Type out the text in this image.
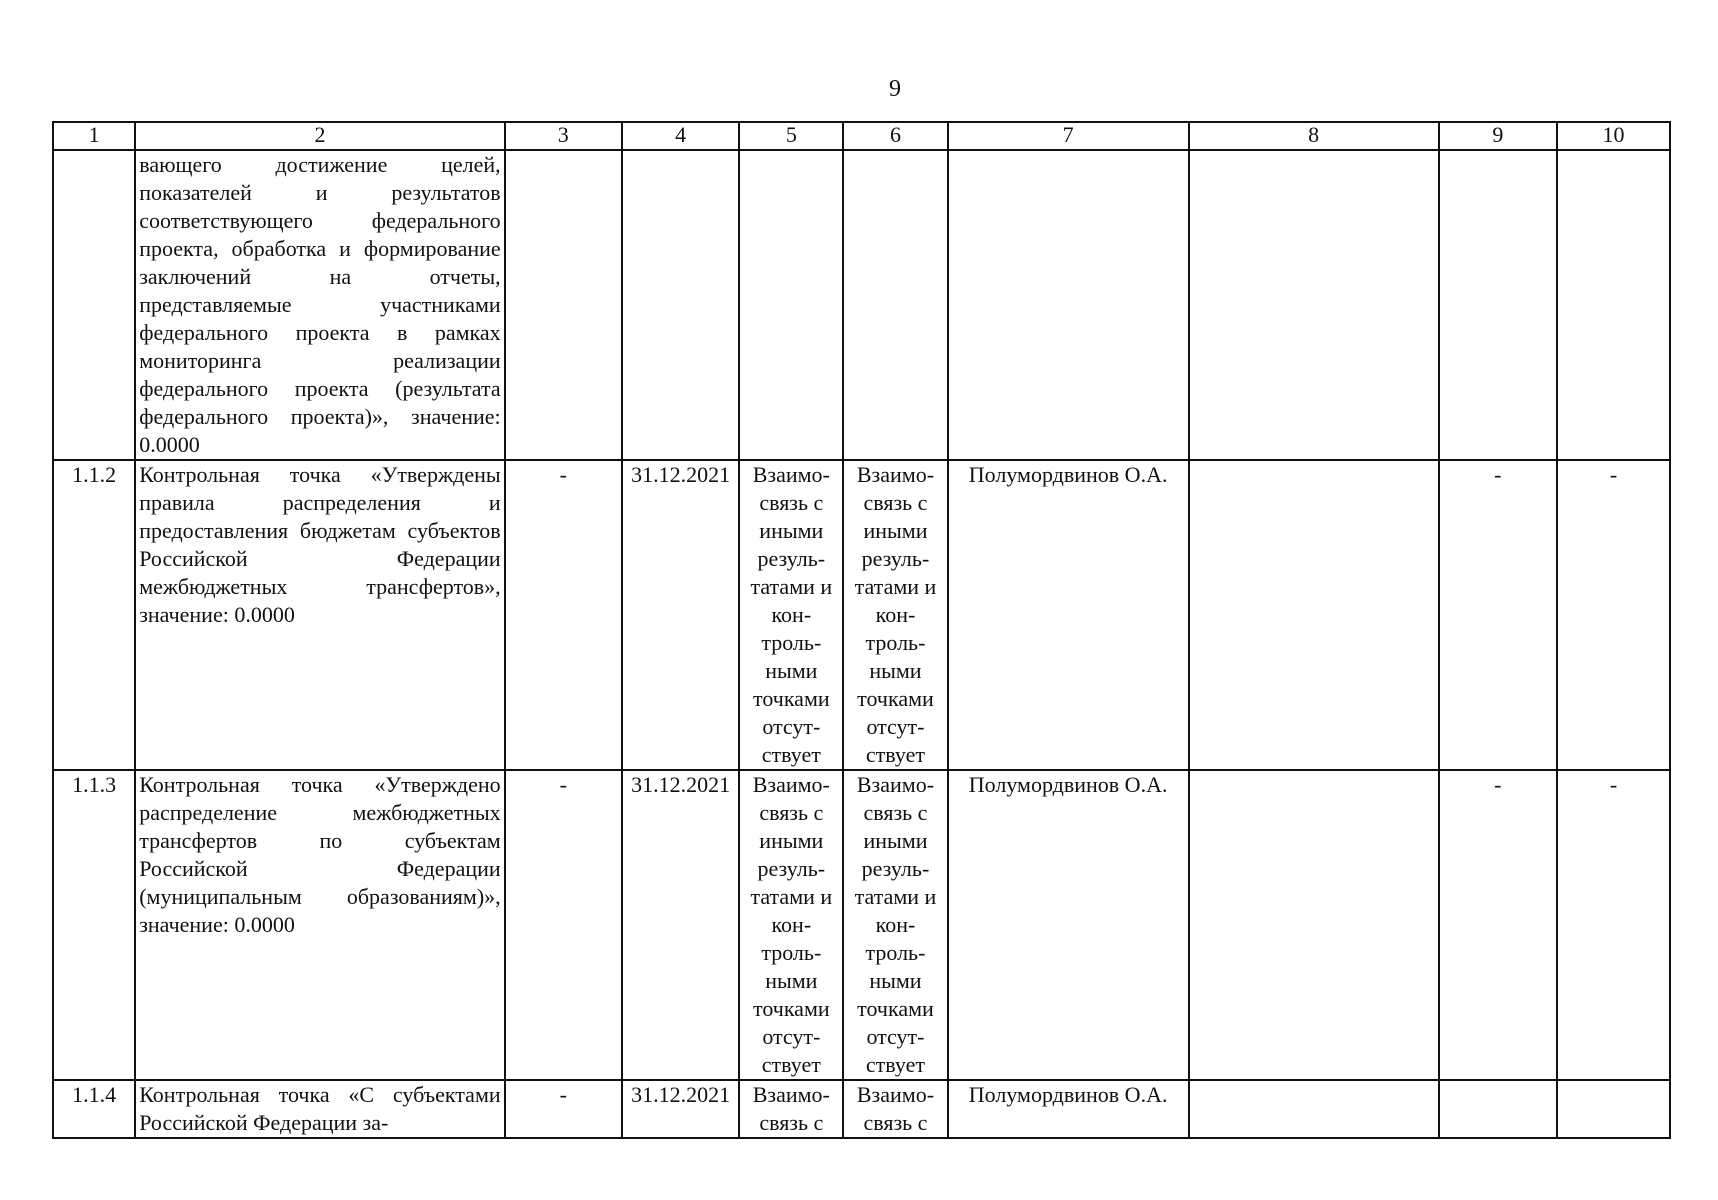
9
1	2	3	4	5	6	7	8	9	10
	вающего достижение целей, показателей и результатов соответствующего федерального проекта, обработка и формирование заключений на отчеты, представляемые участниками федерального проекта в рамках мониторинга реализации федерального проекта (результата федерального проекта)», значение: 0.0000								
1.1.2	Контрольная точка «Утверждены правила распределения и предоставления бюджетам субъектов Российской Федерации межбюджетных трансфертов», значение: 0.0000	-	31.12.2021	Взаимо-связь с иными резуль-татами и кон-троль-ными точками отсут-ствует	Взаимо-связь с иными резуль-татами и кон-троль-ными точками отсут-ствует	Полумордвинов О.А.		-	-
1.1.3	Контрольная точка «Утверждено распределение межбюджетных трансфертов по субъектам Российской Федерации (муниципальным образованиям)», значение: 0.0000	-	31.12.2021	Взаимо-связь с иными резуль-татами и кон-троль-ными точками отсут-ствует	Взаимо-связь с иными резуль-татами и кон-троль-ными точками отсут-ствует	Полумордвинов О.А.		-	-
1.1.4	Контрольная точка «С субъектами Российской Федерации за-	-	31.12.2021	Взаимо-связь с	Взаимо-связь с	Полумордвинов О.А.			
